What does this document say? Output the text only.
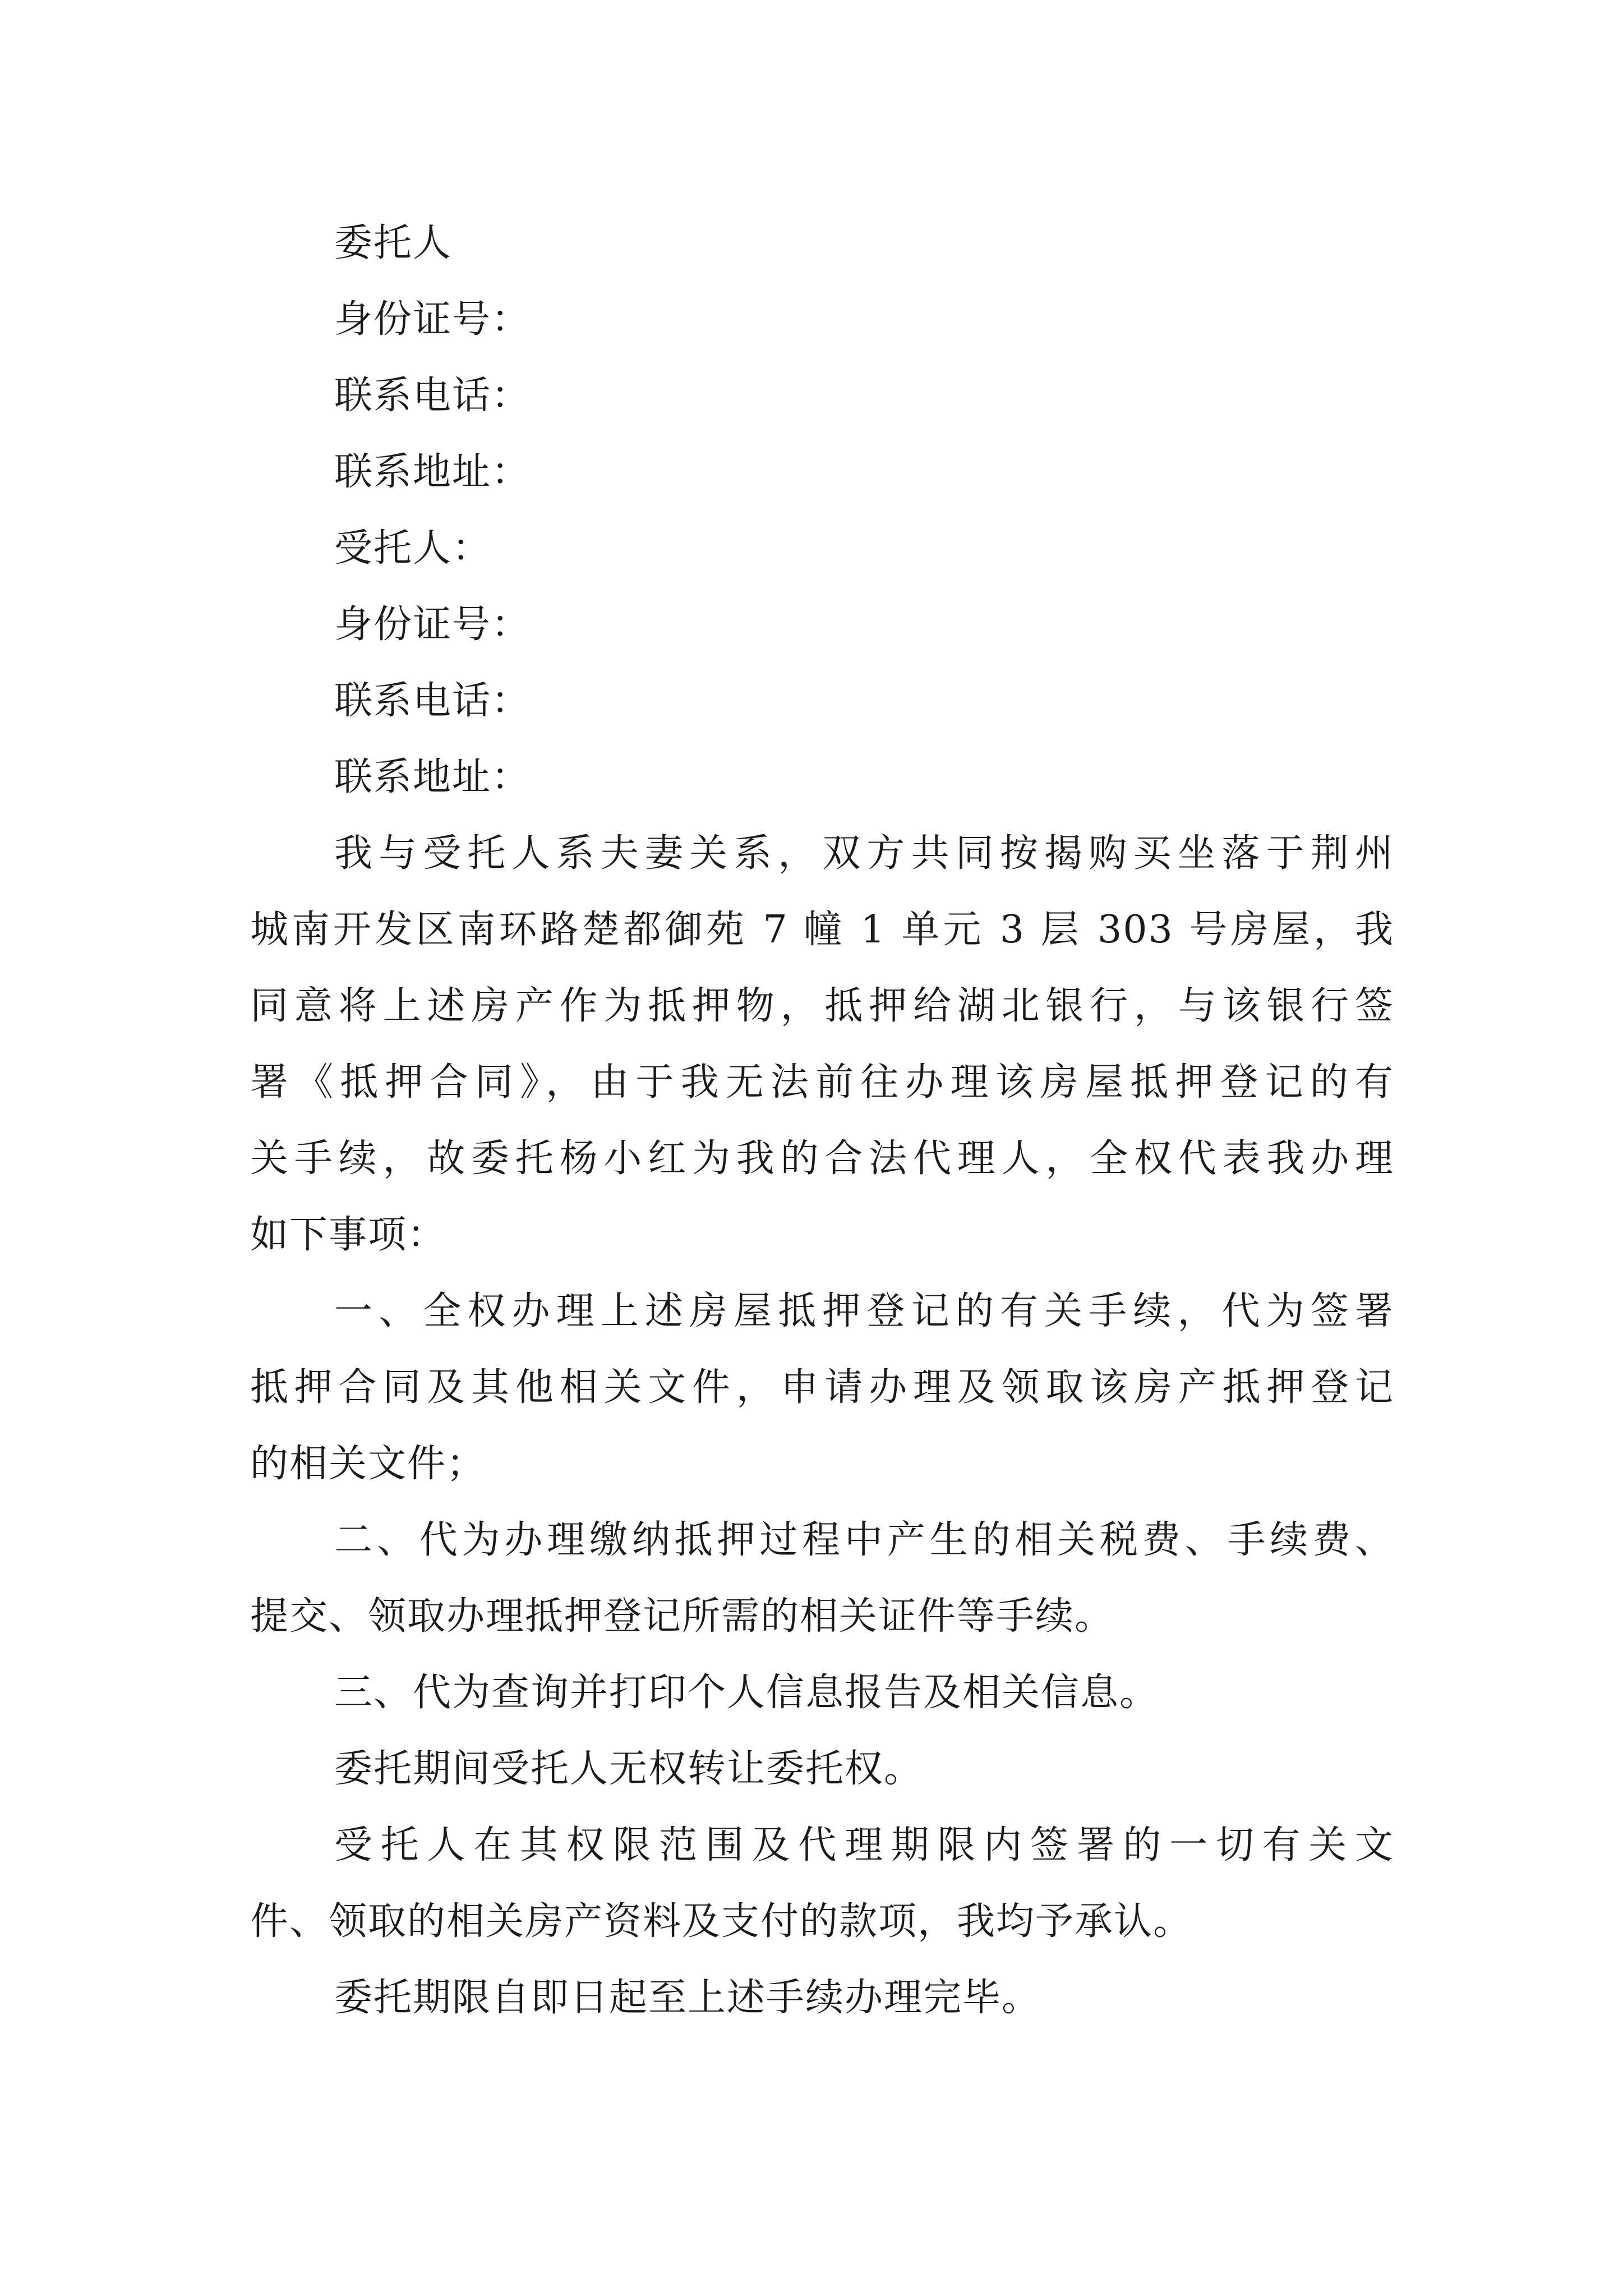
委托人
身份证号：
联系电话：
联系地址：
受托人：
身份证号：
联系电话：
联系地址：
我与受托人系夫妻关系，双方共同按揭购买坐落于荆州
城南开发区南环路楚都御苑 7 幢 1 单元 3 层 303 号房屋，我
同意将上述房产作为抵押物，抵押给湖北银行，与该银行签
署《抵押合同》，由于我无法前往办理该房屋抵押登记的有
关手续，故委托杨小红为我的合法代理人，全权代表我办理
如下事项：
一、全权办理上述房屋抵押登记的有关手续，代为签署
抵押合同及其他相关文件，申请办理及领取该房产抵押登记
的相关文件；
二、代为办理缴纳抵押过程中产生的相关税费、手续费、
提交、领取办理抵押登记所需的相关证件等手续。
三、代为查询并打印个人信息报告及相关信息。
委托期间受托人无权转让委托权。
受托人在其权限范围及代理期限内签署的一切有关文
件、领取的相关房产资料及支付的款项，我均予承认。
委托期限自即日起至上述手续办理完毕。
